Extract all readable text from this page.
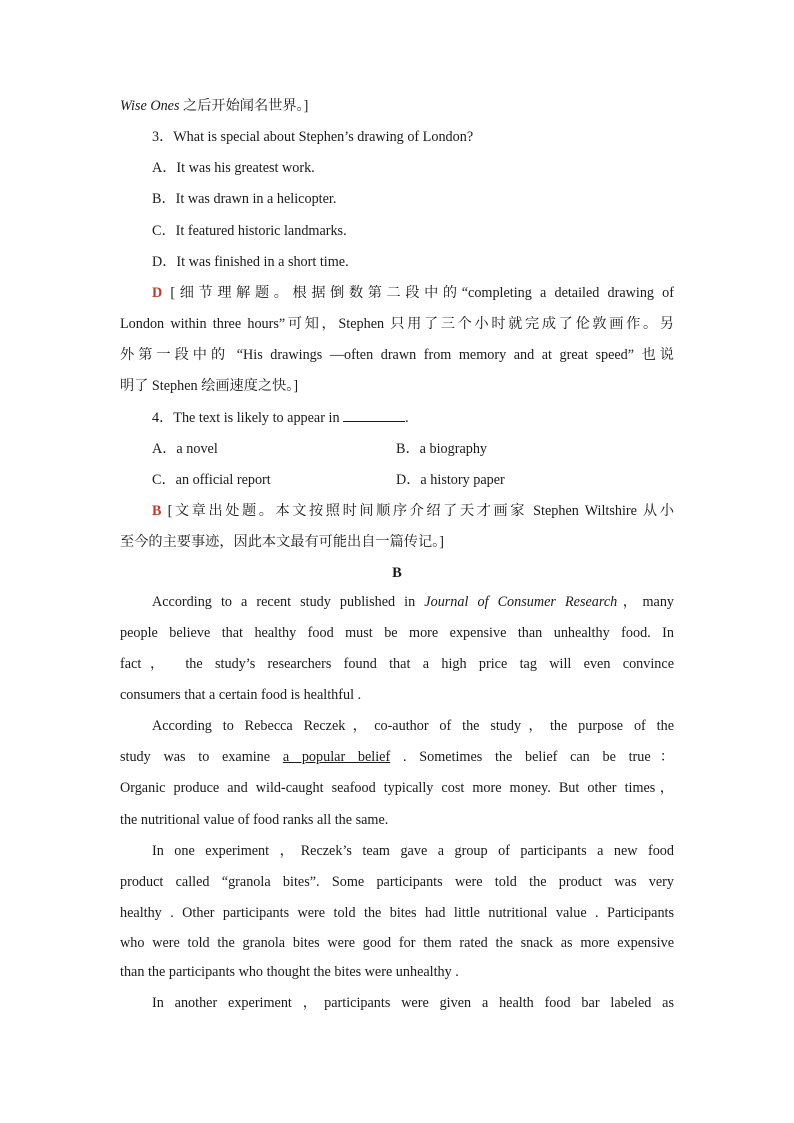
Wise Ones 之后开始闻名世界。]
3．What is special about Stephen’s drawing of London?
A．It was his greatest work.
B．It was drawn in a helicopter.
C．It featured historic landmarks.
D．It was finished in a short time.
D [细节理解题。根据倒数第二段中的“completing a detailed drawing of
London within three hours”可知，Stephen 只用了三个小时就完成了伦敦画作。另
外第一段中的 “His drawings —often drawn from memory and at great speed” 也说
明了 Stephen 绘画速度之快。]
4．The text is likely to appear in	.
A．a novel	B．a biography
C．an official report	D．a history paper
B [文章出处题。本文按照时间顺序介绍了天才画家 Stephen Wiltshire 从小
至今的主要事迹，因此本文最有可能出自一篇传记。]
B
According to a recent study published in Journal of Consumer Research，many
people believe that healthy food must be more expensive than unhealthy food. In
fact， the study’s researchers found that a high price tag will even convince
consumers that a certain food is healthful .
According to Rebecca Reczek，co-author of the study，the purpose of the
study was to examine a popular belief . Sometimes the belief can be true：
Organic produce and wild-caught seafood typically cost more money. But other times，
the nutritional value of food ranks all the same.
In one experiment ，Reczek’s team gave a group of participants a new food
product called “granola bites”. Some participants were told the product was very
healthy . Other participants were told the bites had little nutritional value . Participants
who were told the granola bites were good for them rated the snack as more expensive
than the participants who thought the bites were unhealthy .
In another experiment ，participants were given a health food bar labeled as
